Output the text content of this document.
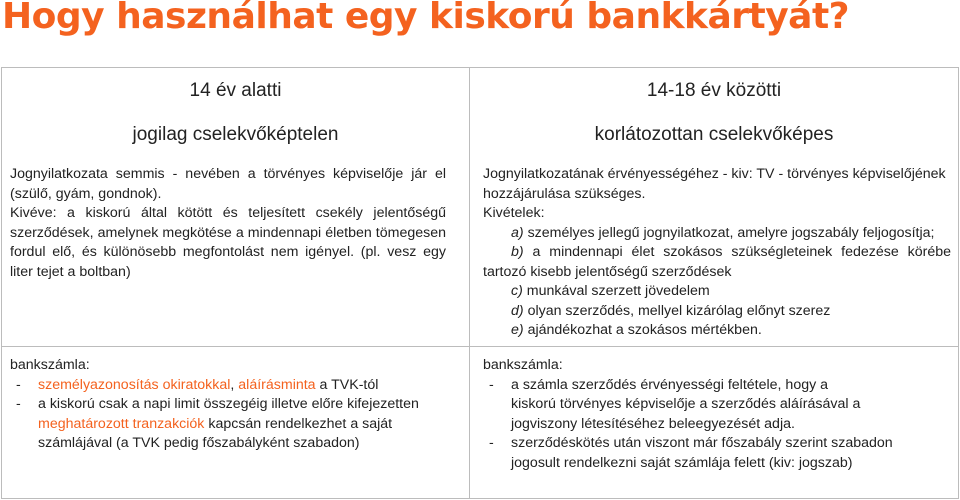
Hogy használhat egy kiskorú bankkártyát?
14 év alatti
jogilag cselekvőképtelen
Jognyilatkozata semmis - nevében a törvényes képviselője jár el (szülő, gyám, gondnok).
Kivéve: a kiskorú által kötött és teljesített csekély jelentőségű szerződések, amelynek megkötése a mindennapi életben tömegesen fordul elő, és különösebb megfontolást nem igényel. (pl. vesz egy liter tejet a boltban)
14-18 év közötti
korlátozottan cselekvőképes
Jognyilatkozatának érvényességéhez - kiv: TV - törvényes képviselőjének hozzájárulása szükséges.
Kivételek:
a) személyes jellegű jognyilatkozat, amelyre jogszabály feljogosítja;
b) a mindennapi élet szokásos szükségleteinek fedezése körébe
tartozó kisebb jelentőségű szerződések
c) munkával szerzett jövedelem
d) olyan szerződés, mellyel kizárólag előnyt szerez
e) ajándékozhat a szokásos mértékben.
bankszámla:
-	személyazonosítás okiratokkal, aláírásminta a TVK-tól
-	a kiskorú csak a napi limit összegéig illetve előre kifejezetten
meghatározott tranzakciók kapcsán rendelkezhet a saját számlájával (a TVK pedig főszabályként szabadon)
bankszámla:
-	a számla szerződés érvényességi feltétele, hogy a kiskorú törvényes képviselője a szerződés aláírásával a jogviszony létesítéséhez beleegyezését adja.
-	szerződéskötés után viszont már főszabály szerint szabadon jogosult rendelkezni saját számlája felett (kiv: jogszab)
